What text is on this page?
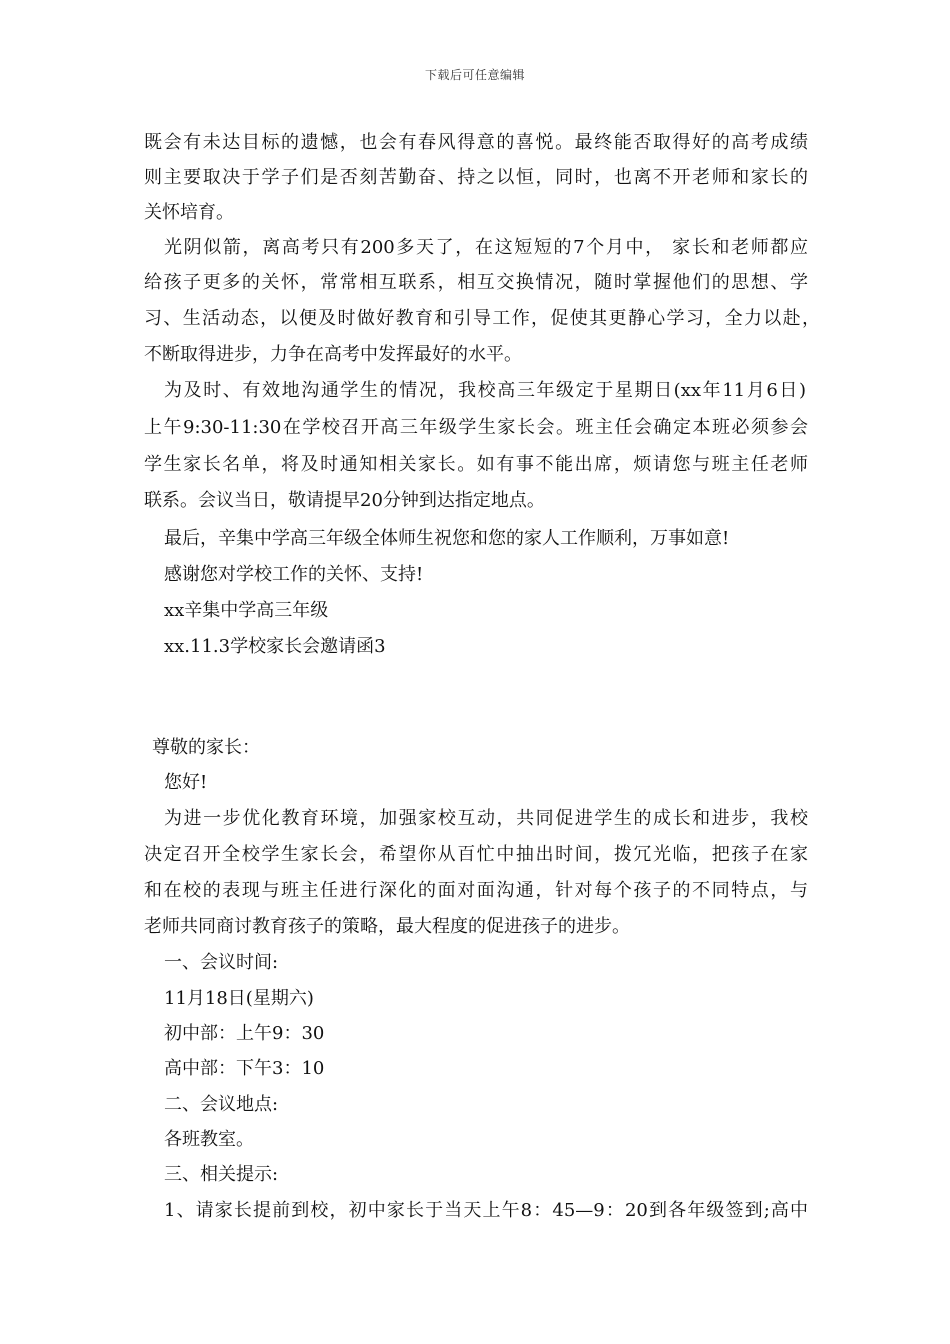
下载后可任意编辑
既会有未达目标的遗憾，也会有春风得意的喜悦。最终能否取得好的高考成绩
则主要取决于学子们是否刻苦勤奋、持之以恒，同时，也离不开老师和家长的
关怀培育。
光阴似箭，离高考只有200多天了，在这短短的7个月中， 家长和老师都应
给孩子更多的关怀，常常相互联系，相互交换情况，随时掌握他们的思想、学
习、生活动态，以便及时做好教育和引导工作，促使其更静心学习，全力以赴，
不断取得进步，力争在高考中发挥最好的水平。
为及时、有效地沟通学生的情况，我校高三年级定于星期日(xx年11月6日)
上午9:30-11:30在学校召开高三年级学生家长会。班主任会确定本班必须参会
学生家长名单，将及时通知相关家长。如有事不能出席，烦请您与班主任老师
联系。会议当日，敬请提早20分钟到达指定地点。
最后，辛集中学高三年级全体师生祝您和您的家人工作顺利，万事如意!
感谢您对学校工作的关怀、支持!
xx辛集中学高三年级
xx.11.3学校家长会邀请函3
尊敬的家长：
您好!
为进一步优化教育环境，加强家校互动，共同促进学生的成长和进步，我校
决定召开全校学生家长会，希望你从百忙中抽出时间，拨冗光临，把孩子在家
和在校的表现与班主任进行深化的面对面沟通，针对每个孩子的不同特点，与
老师共同商讨教育孩子的策略，最大程度的促进孩子的进步。
一、会议时间:
11月18日(星期六)
初中部：上午9：30
高中部：下午3：10
二、会议地点:
各班教室。
三、相关提示:
1、请家长提前到校，初中家长于当天上午8：45—9：20到各年级签到;高中
